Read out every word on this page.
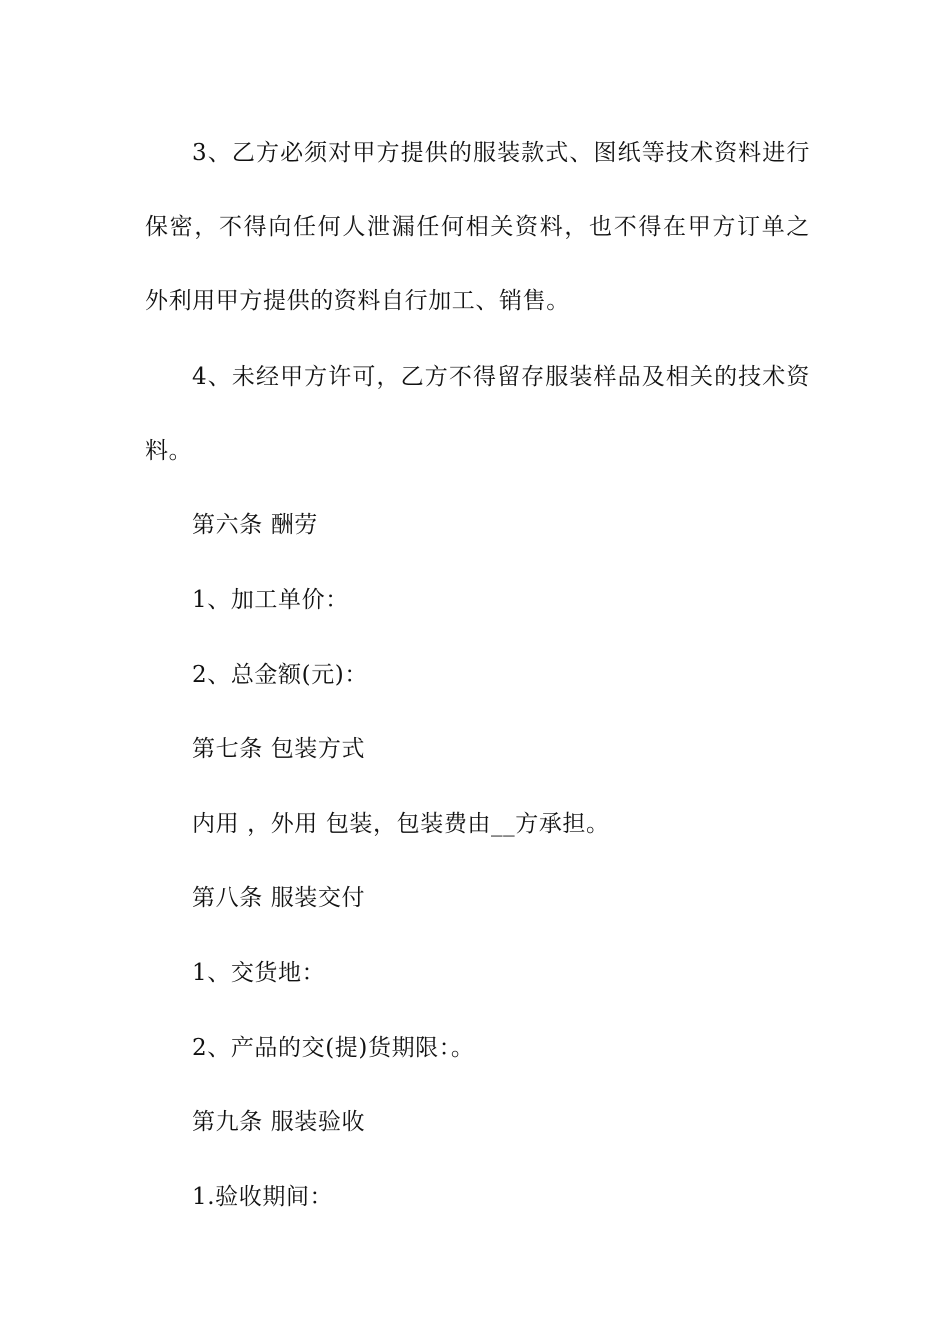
3、乙方必须对甲方提供的服装款式、图纸等技术资料进行
保密，不得向任何人泄漏任何相关资料，也不得在甲方订单之
外利用甲方提供的资料自行加工、销售。
4、未经甲方许可，乙方不得留存服装样品及相关的技术资
料。
第六条 酬劳
1、加工单价：
2、总金额(元)：
第七条 包装方式
内用 ，外用 包装，包装费由__方承担。
第八条 服装交付
1、交货地：
2、产品的交(提)货期限：。
第九条 服装验收
1.验收期间：
